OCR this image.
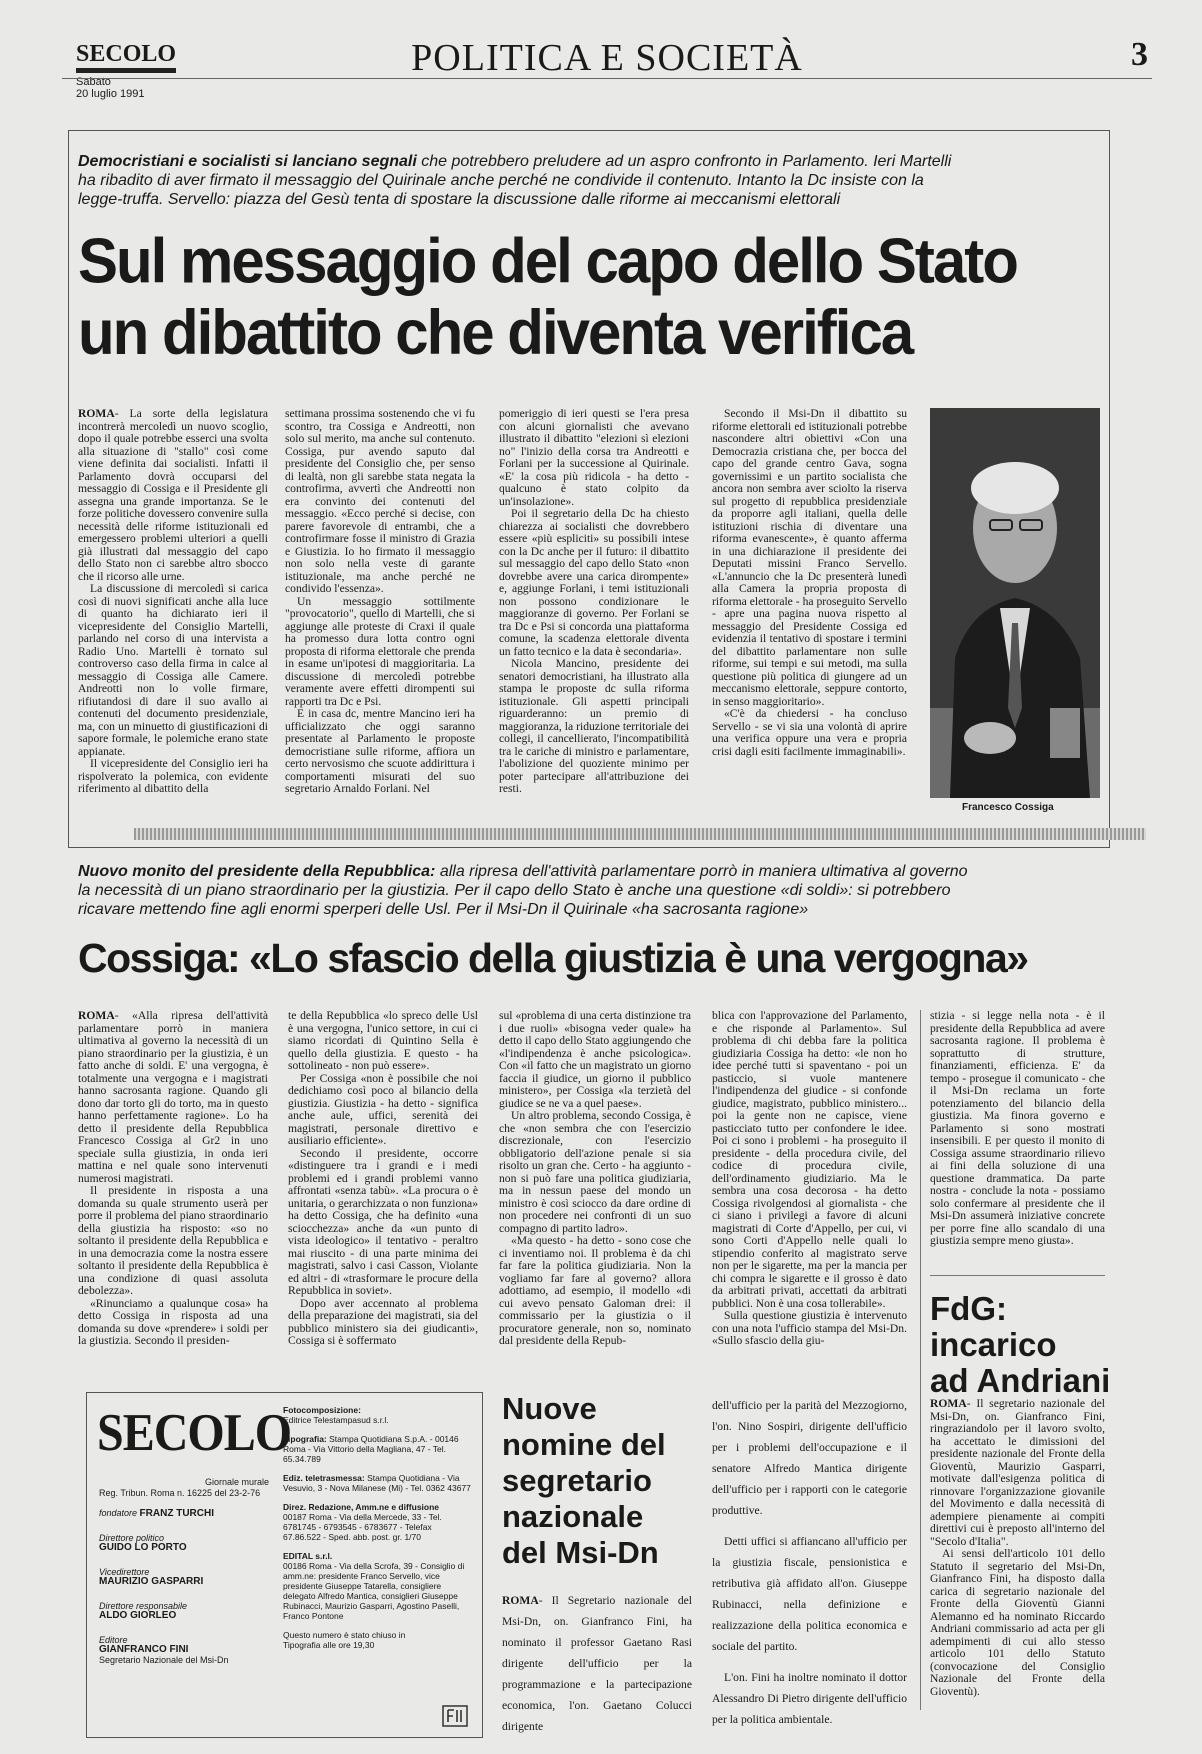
SECOLO
Sabato
20 luglio 1991
POLITICA E SOCIETÀ	3
Democristiani e socialisti si lanciano segnali che potrebbero preludere ad un aspro confronto in Parlamento. Ieri Martelli ha ribadito di aver firmato il messaggio del Quirinale anche perché ne condivide il contenuto. Intanto la Dc insiste con la legge-truffa. Servello: piazza del Gesù tenta di spostare la discussione dalle riforme ai meccanismi elettorali
Sul messaggio del capo dello Stato
un dibattito che diventa verifica

ROMA- La sorte della legislatura incontrerà mercoledì un nuovo scoglio, dopo il quale potrebbe esserci una svolta alla situazione di "stallo" così come viene definita dai socialisti. Infatti il Parlamento dovrà occuparsi del messaggio di Cossiga e il Presidente gli assegna una grande importanza. Se le forze politiche dovessero convenire sulla necessità delle riforme istituzionali ed emergessero problemi ulteriori a quelli già illustrati dal messaggio del capo dello Stato non ci sarebbe altro sbocco che il ricorso alle urne.

La discussione di mercoledì si carica così di nuovi significati anche alla luce di quanto ha dichiarato ieri il vicepresidente del Consiglio Martelli, parlando nel corso di una intervista a Radio Uno. Martelli è tornato sul controverso caso della firma in calce al messaggio di Cossiga alle Camere. Andreotti non lo volle firmare, rifiutandosi di dare il suo avallo ai contenuti del documento presidenziale, ma, con un minuetto di giustificazioni di sapore formale, le polemiche erano state appianate.

Il vicepresidente del Consiglio ieri ha rispolverato la polemica, con evidente riferimento al dibattito della

settimana prossima sostenendo che vi fu scontro, tra Cossiga e Andreotti, non solo sul merito, ma anche sul contenuto. Cossiga, pur avendo saputo dal presidente del Consiglio che, per senso di lealtà, non gli sarebbe stata negata la controfirma, avvertì che Andreotti non era convinto dei contenuti del messaggio. «Ecco perché si decise, con parere favorevole di entrambi, che a controfirmare fosse il ministro di Grazia e Giustizia. Io ho firmato il messaggio non solo nella veste di garante istituzionale, ma anche perché ne condivido l'essenza».

Un messaggio sottilmente "provocatorio", quello di Martelli, che si aggiunge alle proteste di Craxi il quale ha promesso dura lotta contro ogni proposta di riforma elettorale che prenda in esame un'ipotesi di maggioritaria. La discussione di mercoledì potrebbe veramente avere effetti dirompenti sui rapporti tra Dc e Psi.

E in casa dc, mentre Mancino ieri ha ufficializzato che oggi saranno presentate al Parlamento le proposte democristiane sulle riforme, affiora un certo nervosismo che scuote addirittura i comportamenti misurati del suo segretario Arnaldo Forlani. Nel

pomeriggio di ieri questi se l'era presa con alcuni giornalisti che avevano illustrato il dibattito "elezioni sì elezioni no" l'inizio della corsa tra Andreotti e Forlani per la successione al Quirinale. «E' la cosa più ridicola - ha detto - qualcuno è stato colpito da un'insolazione».

Poi il segretario della Dc ha chiesto chiarezza ai socialisti che dovrebbero essere «più espliciti» su possibili intese con la Dc anche per il futuro: il dibattito sul messaggio del capo dello Stato «non dovrebbe avere una carica dirompente» e, aggiunge Forlani, i temi istituzionali non possono condizionare le maggioranze di governo. Per Forlani se tra Dc e Psi si concorda una piattaforma comune, la scadenza elettorale diventa un fatto tecnico e la data è secondaria».

Nicola Mancino, presidente dei senatori democristiani, ha illustrato alla stampa le proposte dc sulla riforma istituzionale. Gli aspetti principali riguarderanno: un premio di maggioranza, la riduzione territoriale dei collegi, il cancellierato, l'incompatibilità tra le cariche di ministro e parlamentare, l'abolizione del quoziente minimo per poter partecipare all'attribuzione dei resti.

Secondo il Msi-Dn il dibattito su riforme elettorali ed istituzionali potrebbe nascondere altri obiettivi «Con una Democrazia cristiana che, per bocca del capo del grande centro Gava, sogna governissimi e un partito socialista che ancora non sembra aver sciolto la riserva sul progetto di repubblica presidenziale da proporre agli italiani, quella delle istituzioni rischia di diventare una riforma evanescente», è quanto afferma in una dichiarazione il presidente dei Deputati missini Franco Servello. «L'annuncio che la Dc presenterà lunedì alla Camera la propria proposta di riforma elettorale - ha proseguito Servello - apre una pagina nuova rispetto al messaggio del Presidente Cossiga ed evidenzia il tentativo di spostare i termini del dibattito parlamentare non sulle riforme, sui tempi e sui metodi, ma sulla questione più politica di giungere ad un meccanismo elettorale, seppure contorto, in senso maggioritario».

«C'è da chiedersi - ha concluso Servello - se vi sia una volontà di aprire una verifica oppure una vera e propria crisi dagli esiti facilmente immaginabili».

Francesco Cossiga
Nuovo monito del presidente della Repubblica: alla ripresa dell'attività parlamentare porrò in maniera ultimativa al governo la necessità di un piano straordinario per la giustizia. Per il capo dello Stato è anche una questione «di soldi»: si potrebbero ricavare mettendo fine agli enormi sperperi delle Usl. Per il Msi-Dn il Quirinale «ha sacrosanta ragione»
Cossiga: «Lo sfascio della giustizia è una vergogna»

ROMA- «Alla ripresa dell'attività parlamentare porrò in maniera ultimativa al governo la necessità di un piano straordinario per la giustizia, è un fatto anche di soldi. E' una vergogna, è totalmente una vergogna e i magistrati hanno sacrosanta ragione. Quando gli dono dar torto gli do torto, ma in questo hanno perfettamente ragione». Lo ha detto il presidente della Repubblica Francesco Cossiga al Gr2 in uno speciale sulla giustizia, in onda ieri mattina e nel quale sono intervenuti numerosi magistrati.

Il presidente in risposta a una domanda su quale strumento userà per porre il problema del piano straordinario della giustizia ha risposto: «so no soltanto il presidente della Repubblica e in una democrazia come la nostra essere soltanto il presidente della Repubblica è una condizione di quasi assoluta debolezza».

«Rinunciamo a qualunque cosa» ha detto Cossiga in risposta ad una domanda su dove «prendere» i soldi per la giustizia. Secondo il presiden-

te della Repubblica «lo spreco delle Usl è una vergogna, l'unico settore, in cui ci siamo ricordati di Quintino Sella è quello della giustizia. E questo - ha sottolineato - non può essere».

Per Cossiga «non è possibile che noi dedichiamo così poco al bilancio della giustizia. Giustizia - ha detto - significa anche aule, uffici, serenità dei magistrati, personale direttivo e ausiliario efficiente».

Secondo il presidente, occorre «distinguere tra i grandi e i medi problemi ed i grandi problemi vanno affrontati «senza tabù». «La procura o è unitaria, o gerarchizzata o non funziona» ha detto Cossiga, che ha definito «una sciocchezza» anche da «un punto di vista ideologico» il tentativo - peraltro mai riuscito - di una parte minima dei magistrati, salvo i casi Casson, Violante ed altri - di «trasformare le procure della Repubblica in soviet».

Dopo aver accennato al problema della preparazione dei magistrati, sia del pubblico ministero sia dei giudicanti», Cossiga si è soffermato

sul «problema di una certa distinzione tra i due ruoli» «bisogna veder quale» ha detto il capo dello Stato aggiungendo che «l'indipendenza è anche psicologica». Con «il fatto che un magistrato un giorno faccia il giudice, un giorno il pubblico ministero», per Cossiga «la terzietà del giudice se ne va a quel paese».

Un altro problema, secondo Cossiga, è che «non sembra che con l'esercizio discrezionale, con l'esercizio obbligatorio dell'azione penale si sia risolto un gran che. Certo - ha aggiunto - non si può fare una politica giudiziaria, ma in nessun paese del mondo un ministro è così sciocco da dare ordine di non procedere nei confronti di un suo compagno di partito ladro».

«Ma questo - ha detto - sono cose che ci inventiamo noi. Il problema è da chi far fare la politica giudiziaria. Non la vogliamo far fare al governo? allora adottiamo, ad esempio, il modello «di cui avevo pensato Galoman drei: il commissario per la giustizia o il procuratore generale, non so, nominato dal presidente della Repub-

blica con l'approvazione del Parlamento, e che risponde al Parlamento». Sul problema di chi debba fare la politica giudiziaria Cossiga ha detto: «le non ho idee perché tutti si spaventano - poi un pasticcio, si vuole mantenere l'indipendenza del giudice - si confonde giudice, magistrato, pubblico ministero... poi la gente non ne capisce, viene pasticciato tutto per confondere le idee. Poi ci sono i problemi - ha proseguito il presidente - della procedura civile, del codice di procedura civile, dell'ordinamento giudiziario. Ma le sembra una cosa decorosa - ha detto Cossiga rivolgendosi al giornalista - che ci siano i privilegi a favore di alcuni magistrati di Corte d'Appello, per cui, vi sono Corti d'Appello nelle quali lo stipendio conferito al magistrato serve non per le sigarette, ma per la mancia per chi compra le sigarette e il grosso è dato da arbitrati privati, accettati da arbitrati pubblici. Non è una cosa tollerabile».

Sulla questione giustizia è intervenuto con una nota l'ufficio stampa del Msi-Dn. «Sullo sfascio della giu-

stizia - si legge nella nota - è il presidente della Repubblica ad avere sacrosanta ragione. Il problema è soprattutto di strutture, finanziamenti, efficienza. E' da tempo - prosegue il comunicato - che il Msi-Dn reclama un forte potenziamento del bilancio della giustizia. Ma finora governo e Parlamento si sono mostrati insensibili. E per questo il monito di Cossiga assume straordinario rilievo ai fini della soluzione di una questione drammatica. Da parte nostra - conclude la nota - possiamo solo confermare al presidente che il Msi-Dn assumerà iniziative concrete per porre fine allo scandalo di una giustizia sempre meno giusta».

FdG:
incarico
ad Andriani

ROMA- Il segretario nazionale del Msi-Dn, on. Gianfranco Fini, ringraziandolo per il lavoro svolto, ha accettato le dimissioni del presidente nazionale del Fronte della Gioventù, Maurizio Gasparri, motivate dall'esigenza politica di rinnovare l'organizzazione giovanile del Movimento e dalla necessità di adempiere pienamente ai compiti direttivi cui è preposto all'interno del "Secolo d'Italia".

Ai sensi dell'articolo 101 dello Statuto il segretario del Msi-Dn, Gianfranco Fini, ha disposto dalla carica di segretario nazionale del Fronte della Gioventù Gianni Alemanno ed ha nominato Riccardo Andriani commissario ad acta per gli adempimenti di cui allo stesso articolo 101 dello Statuto (convocazione del Consiglio Nazionale del Fronte della Gioventù).

Nuove
nomine del
segretario
nazionale
del Msi-Dn

ROMA- Il Segretario nazionale del Msi-Dn, on. Gianfranco Fini, ha nominato il professor Gaetano Rasi dirigente dell'ufficio per la programmazione e la partecipazione economica, l'on. Gaetano Colucci dirigente

dell'ufficio per la parità del Mezzogiorno, l'on. Nino Sospiri, dirigente dell'ufficio per i problemi dell'occupazione e il senatore Alfredo Mantica dirigente dell'ufficio per i rapporti con le categorie produttive.

Detti uffici si affiancano all'ufficio per la giustizia fiscale, pensionistica e retributiva già affidato all'on. Giuseppe Rubinacci, nella definizione e realizzazione della politica economica e sociale del partito.

L'on. Fini ha inoltre nominato il dottor Alessandro Di Pietro dirigente dell'ufficio per la politica ambientale.

SECOLO
Giornale murale
Reg. Tribun. Roma n. 16225 del 23-2-76
fondatore FRANZ TURCHI
Direttore politico
GUIDO LO PORTO
Vicedirettore
MAURIZIO GASPARRI
Direttore responsabile
ALDO GIORLEO
Editore
GIANFRANCO FINI
Segretario Nazionale del Msi-Dn

Fotocomposizione:
Editrice Telestampasud s.r.l.

Tipografia: Stampa Quotidiana S.p.A. - 00146 Roma - Via Vittorio della Magliana, 47 - Tel. 65.34.789

Ediz. teletrasmessa: Stampa Quotidiana - Via Vesuvio, 3 - Nova Milanese (Mi) - Tel. 0362 43677

Direz. Redazione, Amm.ne e diffusione
00187 Roma - Via della Mercede, 33 - Tel. 6781745 - 6793545 - 6783677 - Telefax 67.86.522 - Sped. abb. post. gr. 1/70

EDITAL s.r.l.
00186 Roma - Via della Scrofa, 39 - Consiglio di amm.ne: presidente Franco Servello, vice presidente Giuseppe Tatarella, consigliere delegato Alfredo Mantica, consiglieri Giuseppe Rubinacci, Maurizio Gasparri, Agostino Paselli, Franco Pontone

Questo numero è stato chiuso in Tipografia alle ore 19,30
